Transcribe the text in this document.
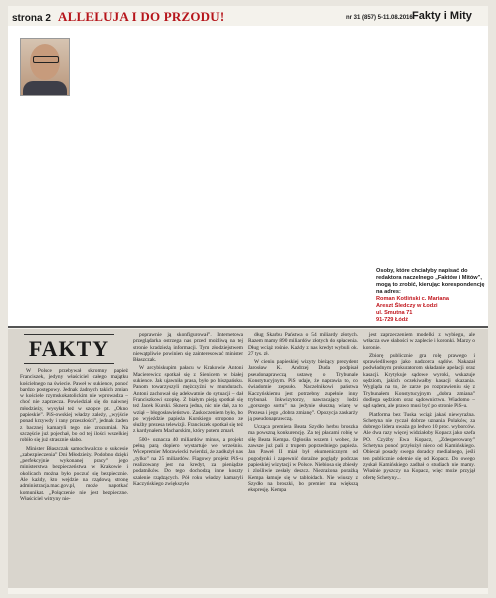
strona 2 ALLELUJA I DO PRZODU!	nr 31 (857) 5-11.08.2016 Fakty i Mity
Osoby, które chciałyby napisać do redaktora naczelnego „Faktów i Mitów”, mogą to zrobić, kierując korespondencję na adres:
Roman Kotliński c. Mariana
Areszt Śledczy w Łodzi
ul. Smutna 71
91-729 Łódź
FAKTY

W Polsce przebywał skromny papież Franciszek, jedyny właściciel całego majątku kościelnego na świecie. Paweł w sukience, ponoć bardzo postępowy. Jednak żadnych takich zmian w kościele rzymskokatolickim nie wprowadza – choć nie zaprzecza. Powiedział się do naiwnej młodzieży, wysyłał też w szopce pt. „Okno papieskie”. PiS-owskiej władzy zależy, „wyjście ponad krzywdy i rany przeszłości”, jednak żaden z bacznej kamaryli tego nie zrozumiał. Na szczęście już pojechał, bo od tej ilości wszelkiej robiło się już strasznie słabo.

Minister Błaszczak samochwalczo o sukcesie „zabezpieczenia” Dni Młodzieży. Podobno dzięki „perfekcyjnie wykonanej pracy” jego ministerstwa bezpieczeństwa w Krakowie i okolicach można było poczuć się bezpiecznie. Ale każdy, kto wejdzie na rządową stronę administracja.mac.gov.pl, może napotkać komunikat. „Połączenie nie jest bezpieczne. Właściciel witryny nie-

poprawnie ją skonfigurował”. Internetowa przeglądarka ostrzega nas przed możliwą na tej stronie kradzieżą informacji. Tym złodziejstwem niewątpliwie powinien się zainteresować minister Błaszczak.

W arcybiskupim pałacu w Krakowie Antoni Macierewicz spotkał się z Sienicem w białej sukience. Jak ujawniła prasa, było po hiszpańsku. Panom towarzyszyli mężczyźni w mundurach. Antoni zachował się adekwatnie do sytuacji – dał Franciszkowi szopkę. Z białym pieją spotkał się też Jacek Kurski. Sknera jedna, nic nie dał, za to wziął – błogosławieństwo. Zaskoczeniem było, bo po wyjeździe papieża Kurskiego stropono ze służby prezesa telewizji. Franciszek spotkał się też z kardynałem Macharskim, który potem zmarł.

500+ oznacza 40 miliardów minus, a projekt pełną parą dopiero wystartuje we wrześniu. Wicepremier Morawiecki twierdzi, że zadłużył nas „tylko” na 25 miliardów. Flagowy projekt PiS-u realizowany jest na kredyt, za pieniądze podatników. Do tego dochodzą inne koszty szalenie rządzących. Pół roku władzy kamaryli Kaczyńskiego zwiększyło

dług Skarbu Państwa o 54 miliardy złotych. Razem mamy 890 miliardów złotych do spłacenia. Dług wciąż rośnie. Każdy z nas kredyt wybuli ok. 27 tys. zł.

W cieniu papieskiej wizyty bieżący prezydent Jarosław K. Andrzej Duda podpisał pseudonaprawczą ustawę o Trybunale Konstytucyjnym. PiS udaje, że naprawia to, co świadomie zepsuło. Naczelnikowi państwa Kaczyńskiemu jest potrzebny zupełnie inny trybunał. Inkwizytorzy, nawracający lodzi „gorszego sortu” na jedynie słuszną wiarę w Prezesa i jego „dobra zmianę”. Opozycja zaskarży ją pseudonaprawczą.

Ucząca premiera Beata Szydło herbu broszka ma powszną konkurencję. Za tej płacami robię w siłę Beata Kempa. Ogłosiła wszem i wobec, że zawsze już pali z trupem poprzedniego papieża. Jan Paweł II miał był ekumenicznym od pogodynki i zapewnić doraźne poglądy podczas papieskiej wizytacji w Polsce. Niebiosa się zbiesły i zlośliwie zesłały deszcz. Niezrażona porażką Kempa łamuje się w tabloidach. Nie wiuszy z Szydło na broszki, bo premier ma większą ekspresję. Kempa

jest zaprzeczeniem modelki z wybiegu, ale wtłacza swe słabości w zaplecie i koronki. Marzy o koronie.

Zbiorę publicznie gra rolę prawego i sprawiedliwego jako nadzorca sądów. Nakazał podwładnym prokuratorom składanie apelacji oraz kasacji. Krytykuje sądowe wyroki, wskazuje sędziom, jakich oczekiwałby kasacji skazania. Wygląda na to, że zarze po rozprawieniu się z Trybunałem Konstytucyjnym „dobra zmiana” dodlega sędziom oraz sądownictwu. Wiadomo – sąd sądem, ale prawo musi być po stronie PiS-u.

Platforma bez Tuska wciąż jakaś niewyraźna. Schetyna nie ryczał dobrze uznania Polaków, za dobrego lidera uważa go ledwo 10 proc. wyborców. Ale dwa razy więcej widziałoby Kopacz jako szefa PO. Czyżby Ewa Kopacz, „Zdesperowany” Schetyna ponoć przyłożył nieco od Kamińskiego. Obiecał posady swego doradcy medialnego, jeśli ten publicznie odetnie się od Kopacz. Do owego zyskał Kamińskiego zadbał o studiach nie mamy. Właśnie pyszczy na Kopacz, więc może przyjął ofertę Schetyny...
